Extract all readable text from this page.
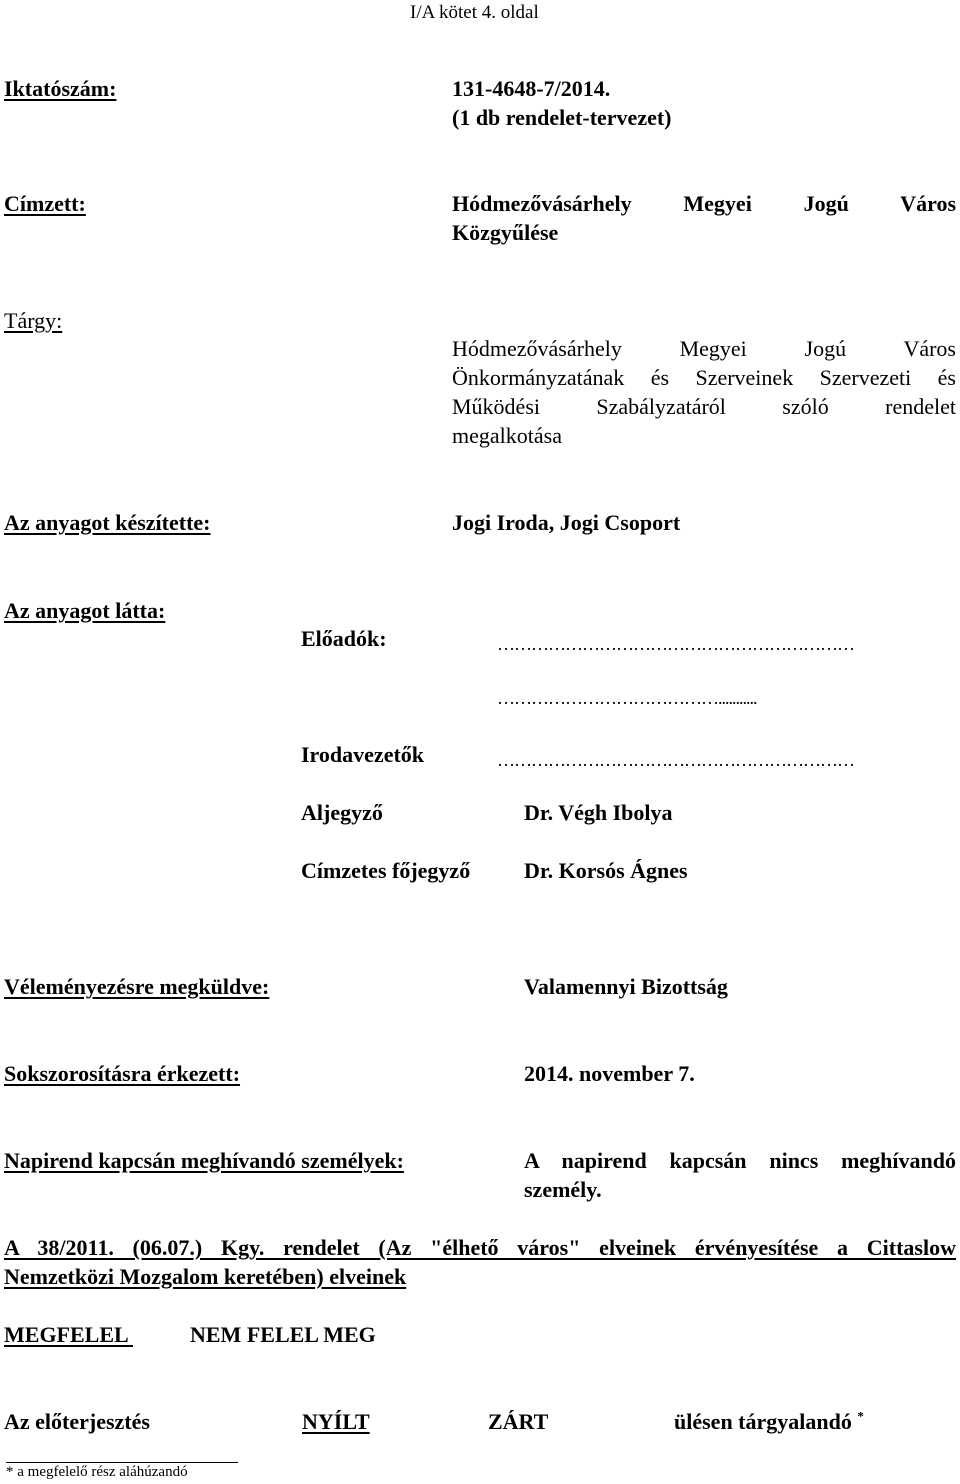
I/A kötet 4. oldal
Iktatószám:	131-4648-7/2014.
(1 db rendelet-tervezet)
Címzett:	Hódmezővásárhely Megyei Jogú Város
Közgyűlése
Tárgy:
Hódmezővásárhely Megyei Jogú Város
Önkormányzatának és Szerveinek Szervezeti és
Működési Szabályzatáról szóló rendelet
megalkotása
Az anyagot készítette:	Jogi Iroda, Jogi Csoport
Az anyagot látta:
Előadók:	………………………………………………………
…………………………………...........
Irodavezetők	………………………………………………………
Aljegyző	Dr. Végh Ibolya
Címzetes főjegyző Dr. Korsós Ágnes
Véleményezésre megküldve:	Valamennyi Bizottság
Sokszorosításra érkezett:	2014. november 7.
Napirend kapcsán meghívandó személyek:	A napirend kapcsán nincs meghívandó
személy.
A 38/2011. (06.07.) Kgy. rendelet (Az "élhető város" elveinek érvényesítése a Cittaslow
Nemzetközi Mozgalom keretében) elveinek
MEGFELEL	NEM FELEL MEG
Az előterjesztés	NYÍLT	ZÁRT	ülésen tárgyalandó *
* a megfelelő rész aláhúzandó
